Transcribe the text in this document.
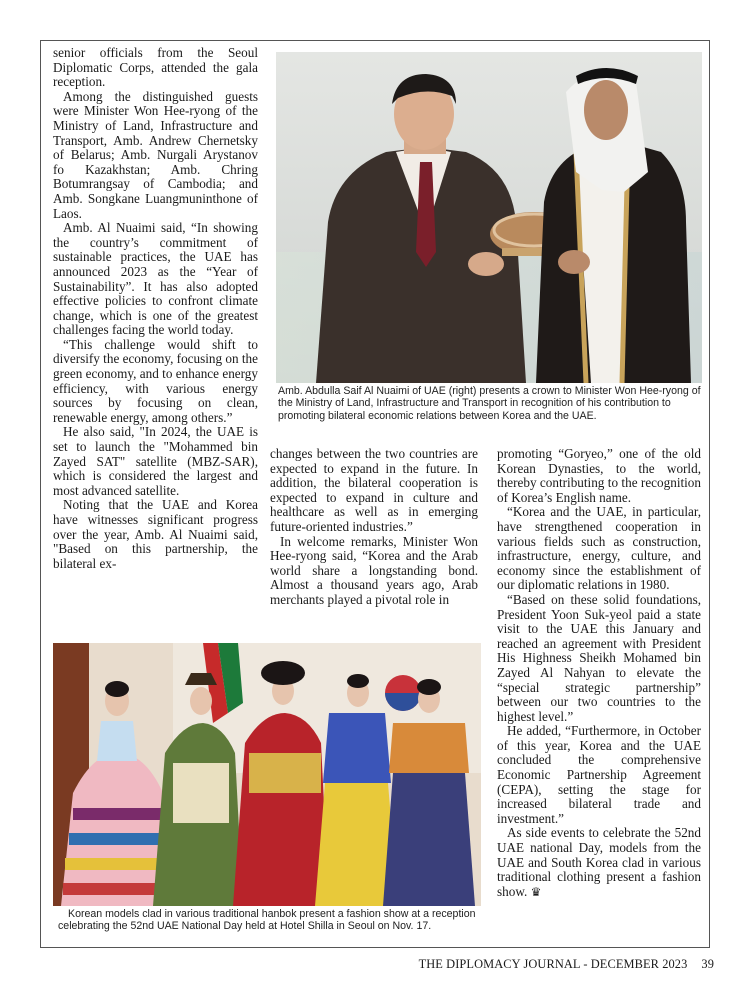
senior officials from the Seoul Diplomatic Corps, attended the gala reception.

Among the distinguished guests were Minister Won Hee-ryong of the Ministry of Land, Infrastructure and Transport, Amb. Andrew Chernetsky of Belarus; Amb. Nurgali Arystanov fo Kazakhstan; Amb. Chring Botumrangsay of Cambodia; and Amb. Songkane Luangmuninthone of Laos.

Amb. Al Nuaimi said, “In showing the country’s commitment of sustainable practices, the UAE has announced 2023 as the “Year of Sustainability”. It has also adopted effective policies to confront climate change, which is one of the greatest challenges facing the world today.

“This challenge would shift to diversify the economy, focusing on the green economy, and to enhance energy efficiency, with various energy sources by focusing on clean, renewable energy, among others.”

He also said, "In 2024, the UAE is set to launch the "Mohammed bin Zayed SAT" satellite (MBZ-SAR), which is considered the largest and most advanced satellite.

Noting that the UAE and Korea have witnesses significant progress over the year, Amb. Al Nuaimi said, "Based on this partnership, the bilateral ex-

Amb. Abdulla Saif Al Nuaimi of UAE (right) presents a crown to Minister Won Hee-ryong of the Ministry of Land, Infrastructure and Transport in recognition of his contribution to promoting bilateral economic relations between Korea and the UAE.

changes between the two countries are expected to expand in the future. In addition, the bilateral cooperation is expected to expand in culture and healthcare as well as in emerging future-oriented industries.”

In welcome remarks, Minister Won Hee-ryong said, “Korea and the Arab world share a longstanding bond. Almost a thousand years ago, Arab merchants played a pivotal role in

promoting “Goryeo,” one of the old Korean Dynasties, to the world, thereby contributing to the recognition of Korea’s English name.

“Korea and the UAE, in particular, have strengthened cooperation in various fields such as construction, infrastructure, energy, culture, and economy since the establishment of our diplomatic relations in 1980.

“Based on these solid foundations, President Yoon Suk-yeol paid a state visit to the UAE this January and reached an agreement with President His Highness Sheikh Mohamed bin Zayed Al Nahyan to elevate the “special strategic partnership” between our two countries to the highest level.”

He added, “Furthermore, in October of this year, Korea and the UAE concluded the comprehensive Economic Partnership Agreement (CEPA), setting the stage for increased bilateral trade and investment.”

As side events to celebrate the 52nd UAE national Day, models from the UAE and South Korea clad in various traditional clothing present a fashion show. ♛

Korean models clad in various traditional hanbok present a fashion show at a reception celebrating the 52nd UAE National Day held at Hotel Shilla in Seoul on Nov. 17.
THE DIPLOMACY JOURNAL - DECEMBER 2023 39
